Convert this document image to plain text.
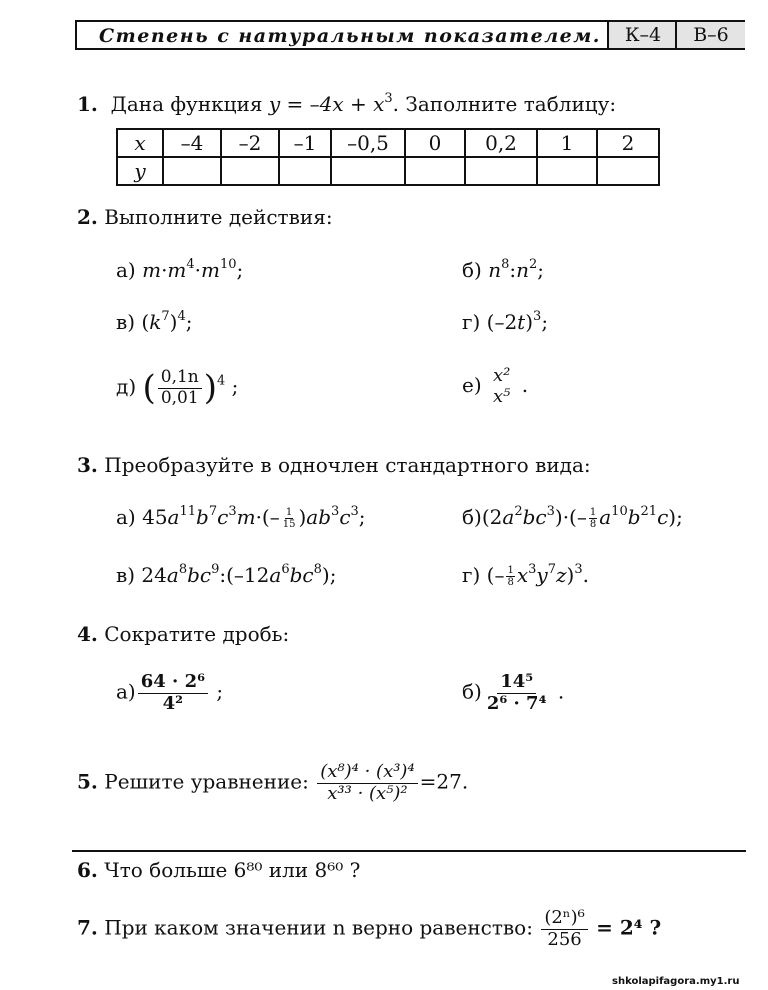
Степень с натуральным показателем.	К–4	В–6
1. Дана функция $y = -4x + x^3$. Заполните таблицу:
x	–4	–2	–1	–0,5	0	0,2	1	2
y								
2. Выполните действия:
а) $m\cdot m^4\cdot m^{10}$;	б) $n^8:n^2$;
в) $(k^7)^4$;	г) $(-2t)^3$;
д) ( $\frac{0,1n}{0,01} )^4$ ;	е) x²
x⁵ .
3. Преобразуйте в одночлен стандартного вида:
а) $45a^{11}b^7c^3m\cdot(- \frac{1}{15} )ab^3c^3$;	$б)(2a^2bc^3)\cdot(- \frac{1}{8} a^{10}b^{21}c)$;
в) $24a^8bc^9:(-12a^6bc^8)$;	г) (– $\frac{1}{8} x^3y^7z)^3$.
4. Сократите дробь:
$а) \frac{\text{64 · 2⁶}}{\text{4²}}$ ;	$б) \frac{\text{14⁵}}{\text{2⁶ · 7⁴}}$ .
5. Решите уравнение: $\frac{\text{(x⁸)⁴ · (x³)⁴}}{\text{x³³ · (x⁵)²}} =27$.
6. Что больше 6⁸⁰ или 8⁶⁰ ?
7. При каком значении n верно равенство: $\frac{\text{(2ⁿ)⁶}}{256} = 2^4$ ?
shkolapifagora.my1.ru
